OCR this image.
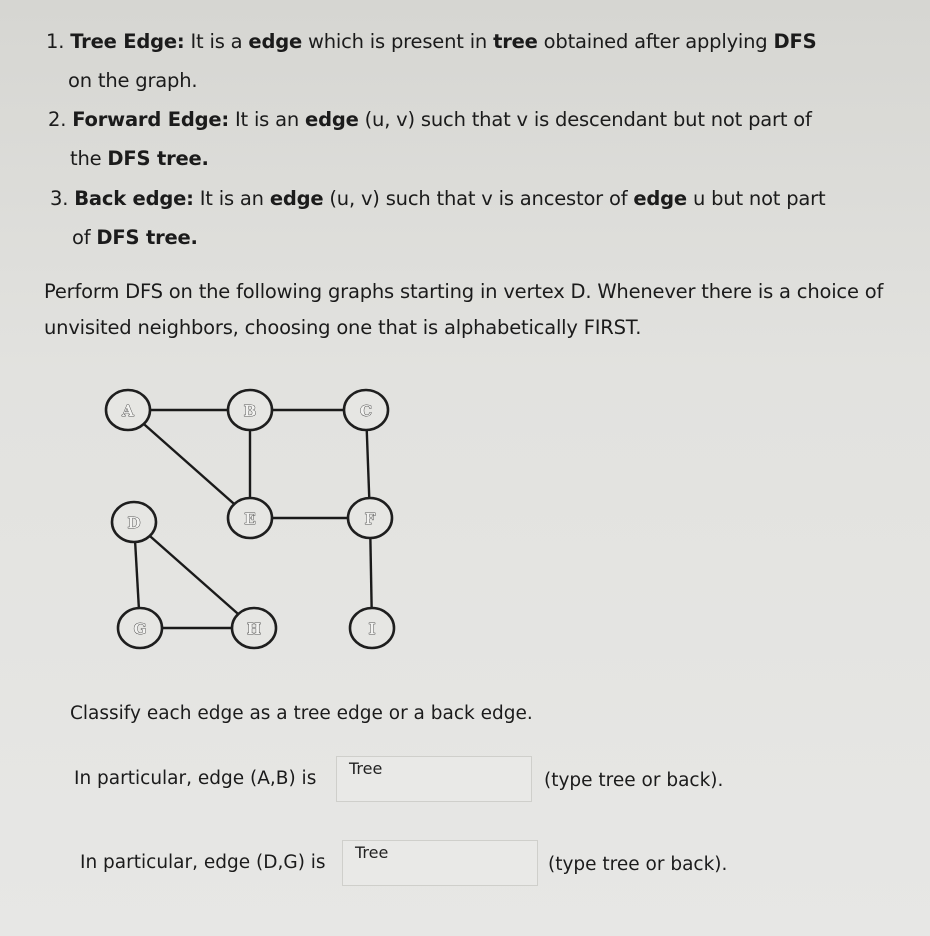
1. Tree Edge: It is a edge which is present in tree obtained after applying DFS
on the graph.
2. Forward Edge: It is an edge (u, v) such that v is descendant but not part of
the DFS tree.
3. Back edge: It is an edge (u, v) such that v is ancestor of edge u but not part
of DFS tree.
Perform DFS on the following graphs starting in vertex D. Whenever there is a choice of unvisited neighbors, choosing one that is alphabetically FIRST.
A	B	C
D	E	F
G	H	I
Classify each edge as a tree edge or a back edge.
In particular, edge (A,B) is	Tree
(type tree or back).
In particular, edge (D,G) is	Tree
(type tree or back).
